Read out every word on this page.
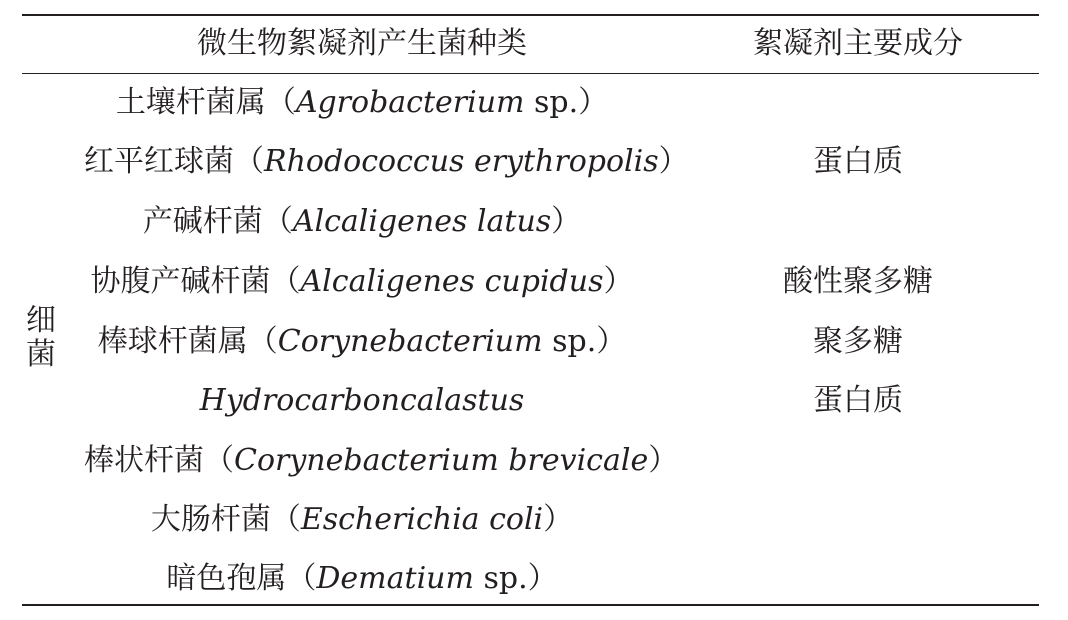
微生物絮凝剂产生菌种类	絮凝剂主要成分
细
菌
土壤杆菌属（Agrobacterium sp.）
红平红球菌（Rhodococcus erythropolis）	蛋白质
产碱杆菌（Alcaligenes latus）
协腹产碱杆菌（Alcaligenes cupidus）	酸性聚多糖
棒球杆菌属（Corynebacterium sp.）	聚多糖
Hydrocarboncalastus	蛋白质
棒状杆菌（Corynebacterium brevicale）
大肠杆菌（Escherichia coli）
暗色孢属（Dematium sp.）
